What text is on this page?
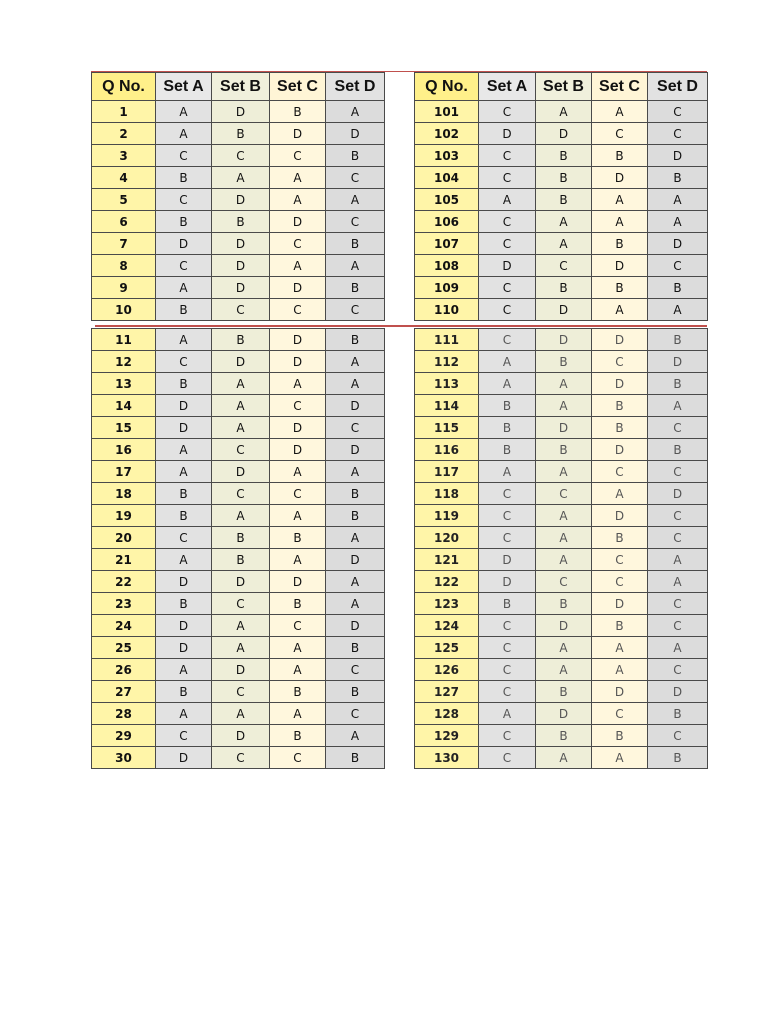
Q No.	Set A	Set B	Set C	Set D
1	A	D	B	A
2	A	B	D	D
3	C	C	C	B
4	B	A	A	C
5	C	D	A	A
6	B	B	D	C
7	D	D	C	B
8	C	D	A	A
9	A	D	D	B
10	B	C	C	C
Q No.	Set A	Set B	Set C	Set D
101	C	A	A	C
102	D	D	C	C
103	C	B	B	D
104	C	B	D	B
105	A	B	A	A
106	C	A	A	A
107	C	A	B	D
108	D	C	D	C
109	C	B	B	B
110	C	D	A	A
11	A	B	D	B
12	C	D	D	A
13	B	A	A	A
14	D	A	C	D
15	D	A	D	C
16	A	C	D	D
17	A	D	A	A
18	B	C	C	B
19	B	A	A	B
20	C	B	B	A
21	A	B	A	D
22	D	D	D	A
23	B	C	B	A
24	D	A	C	D
25	D	A	A	B
26	A	D	A	C
27	B	C	B	B
28	A	A	A	C
29	C	D	B	A
30	D	C	C	B
111	C	D	D	B
112	A	B	C	D
113	A	A	D	B
114	B	A	B	A
115	B	D	B	C
116	B	B	D	B
117	A	A	C	C
118	C	C	A	D
119	C	A	D	C
120	C	A	B	C
121	D	A	C	A
122	D	C	C	A
123	B	B	D	C
124	C	D	B	C
125	C	A	A	A
126	C	A	A	C
127	C	B	D	D
128	A	D	C	B
129	C	B	B	C
130	C	A	A	B
